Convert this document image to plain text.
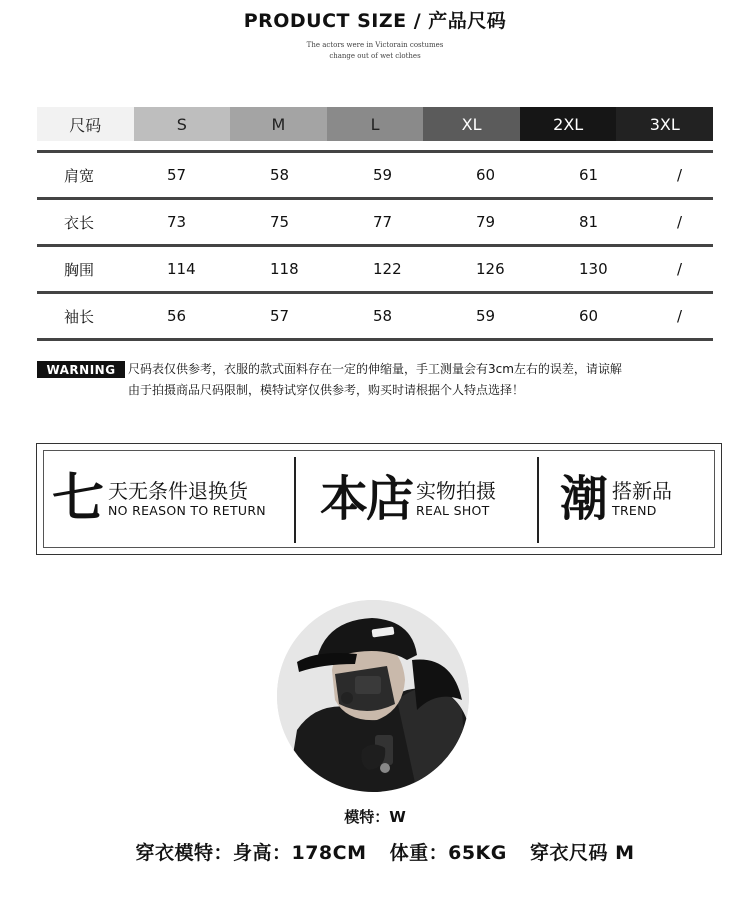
PRODUCT SIZE / 产品尺码
The actors were in Victorain costumes
change out of wet clothes
尺码	S	M	L	XL	2XL	3XL
肩宽	57	58	59	60	61	/
衣长	73	75	77	79	81	/
胸围	114	118	122	126	130	/
袖长	56	57	58	59	60	/
WARNING	尺码表仅供参考，衣服的款式面料存在一定的伸缩量，手工测量会有3cm左右的误差，请谅解
由于拍摄商品尺码限制，模特试穿仅供参考，购买时请根据个人特点选择！
七 天无条件退换货
NO REASON TO RETURN 本店 实物拍摄
REAL SHOT 潮 搭新品
TREND
模特：W
穿衣模特：身高：178CM 体重：65KG 穿衣尺码 M
